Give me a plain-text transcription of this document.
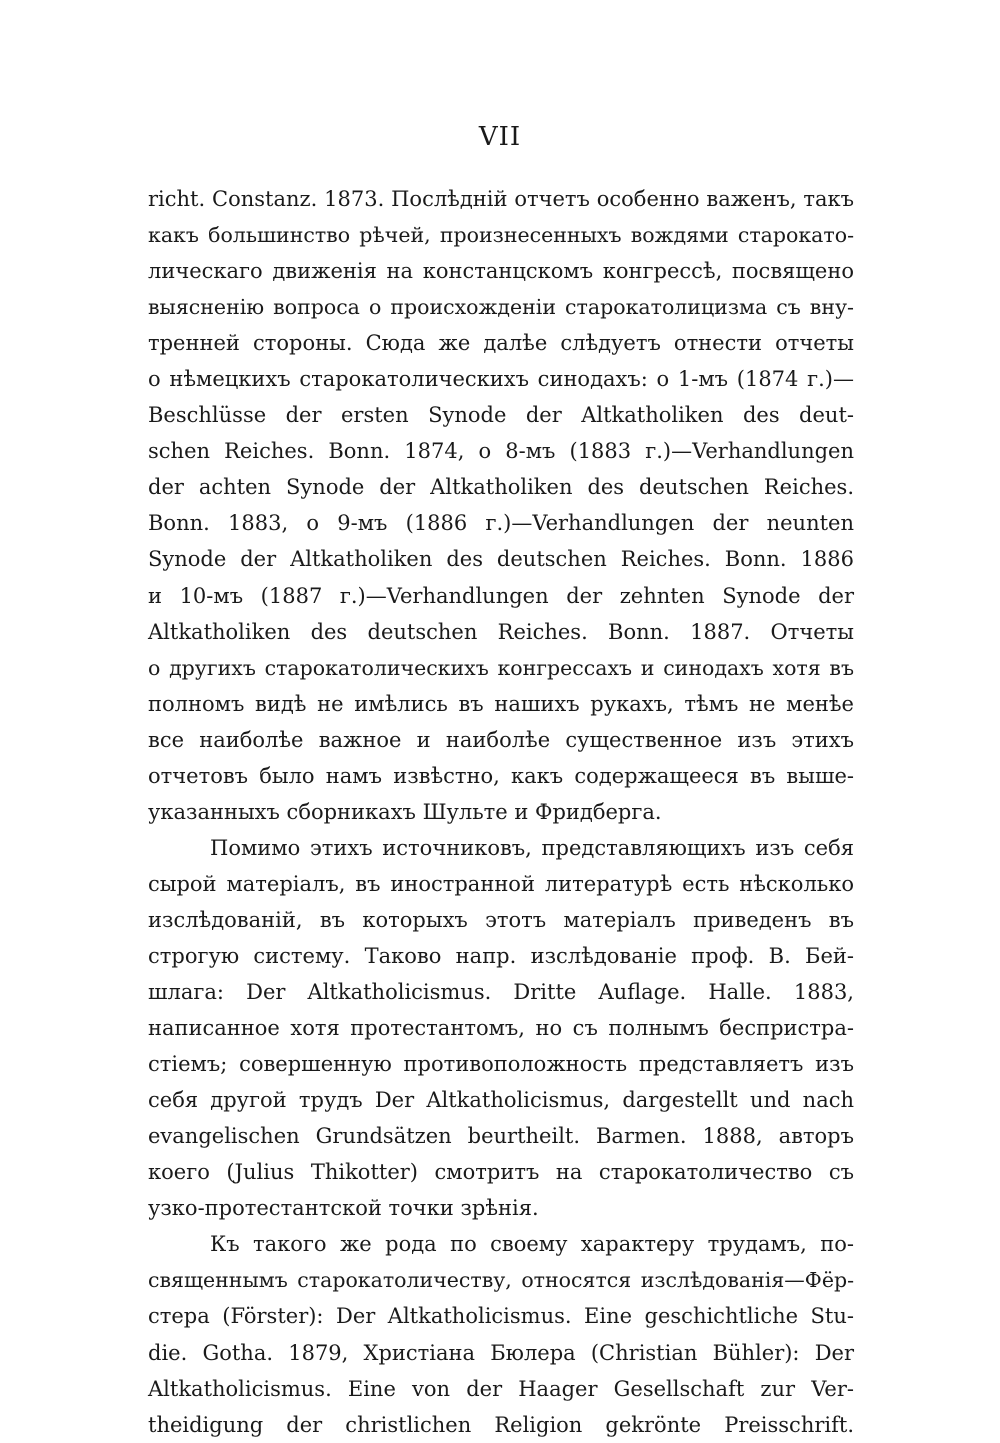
VII
richt. Constanz. 1873. Послѣдній отчетъ особенно важенъ, такъ
какъ большинство рѣчей, произнесенныхъ вождями старокато-
лическаго движенія на констанцскомъ конгрессѣ, посвящено
выясненію вопроса о происхожденіи старокатолицизма съ вну-
тренней стороны. Сюда же далѣе слѣдуетъ отнести отчеты
о нѣмецкихъ старокатолическихъ синодахъ: о 1-мъ (1874 г.)—
Beschlüsse der ersten Synode der Altkatholiken des deut-
schen Reiches. Bonn. 1874, о 8-мъ (1883 г.)—Verhandlungen
der achten Synode der Altkatholiken des deutschen Reiches.
Bonn. 1883, о 9-мъ (1886 г.)—Verhandlungen der neunten
Synode der Altkatholiken des deutschen Reiches. Bonn. 1886
и 10-мъ (1887 г.)—Verhandlungen der zehnten Synode der
Altkatholiken des deutschen Reiches. Bonn. 1887. Отчеты
о другихъ старокатолическихъ конгрессахъ и синодахъ хотя въ
полномъ видѣ не имѣлись въ нашихъ рукахъ, тѣмъ не менѣе
все наиболѣе важное и наиболѣе существенное изъ этихъ
отчетовъ было намъ извѣстно, какъ содержащееся въ выше-
указанныхъ сборникахъ Шульте и Фридберга.
Помимо этихъ источниковъ, представляющихъ изъ себя
сырой матеріалъ, въ иностранной литературѣ есть нѣсколько
изслѣдованій, въ которыхъ этотъ матеріалъ приведенъ въ
строгую систему. Таково напр. изслѣдованіе проф. В. Бей-
шлага: Der Altkatholicismus. Dritte Auflage. Halle. 1883,
написанное хотя протестантомъ, но съ полнымъ беспристра-
стіемъ; совершенную противоположность представляетъ изъ
себя другой трудъ Der Altkatholicismus, dargestellt und nach
evangelischen Grundsätzen beurtheilt. Barmen. 1888, авторъ
коего (Julius Thikotter) смотритъ на старокатоличество съ
узко-протестантской точки зрѣнія.
Къ такого же рода по своему характеру трудамъ, по-
священнымъ старокатоличеству, относятся изслѣдованія—Фёр-
стера (Förster): Der Altkatholicismus. Eine geschichtliche Stu-
die. Gotha. 1879, Христіана Бюлера (Christian Bühler): Der
Altkatholicismus. Eine von der Haager Gesellschaft zur Ver-
theidigung der christlichen Religion gekrönte Preisschrift.
